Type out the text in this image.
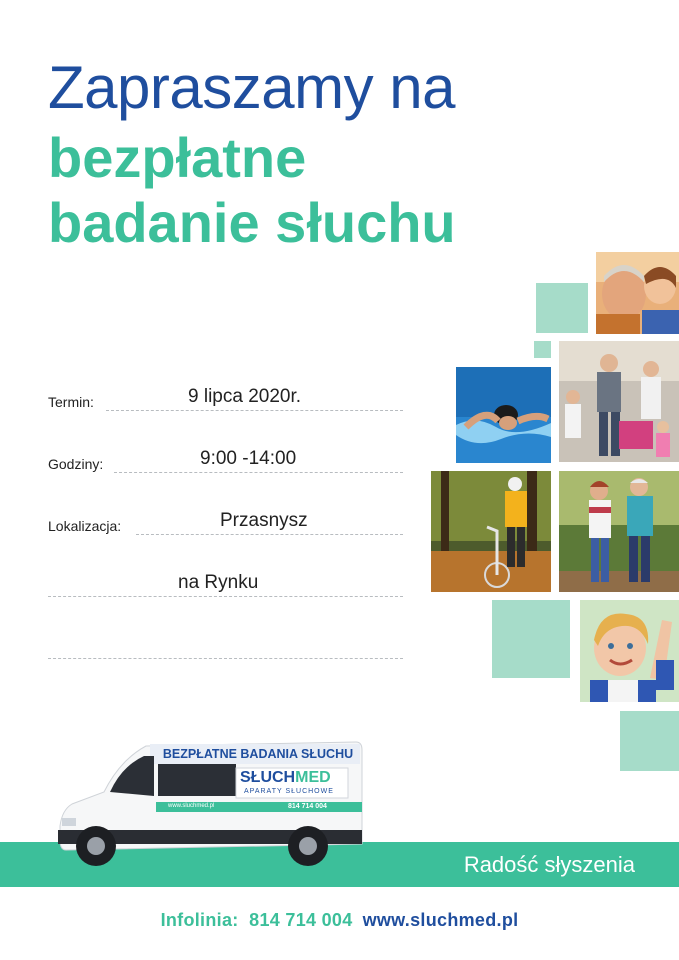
Zapraszamy na
bezpłatne
badanie słuchu
Termin:	9 lipca 2020r.
Godziny:	9:00 -14:00
Lokalizacja:	Przasnysz
na Rynku
Radość słyszenia
BEZPŁATNE BADANIA SŁUCHU
SŁUCHMED
APARATY SŁUCHOWE
www.sluchmed.pl	814 714 004
Infolinia:  814 714 004 www.sluchmed.pl
